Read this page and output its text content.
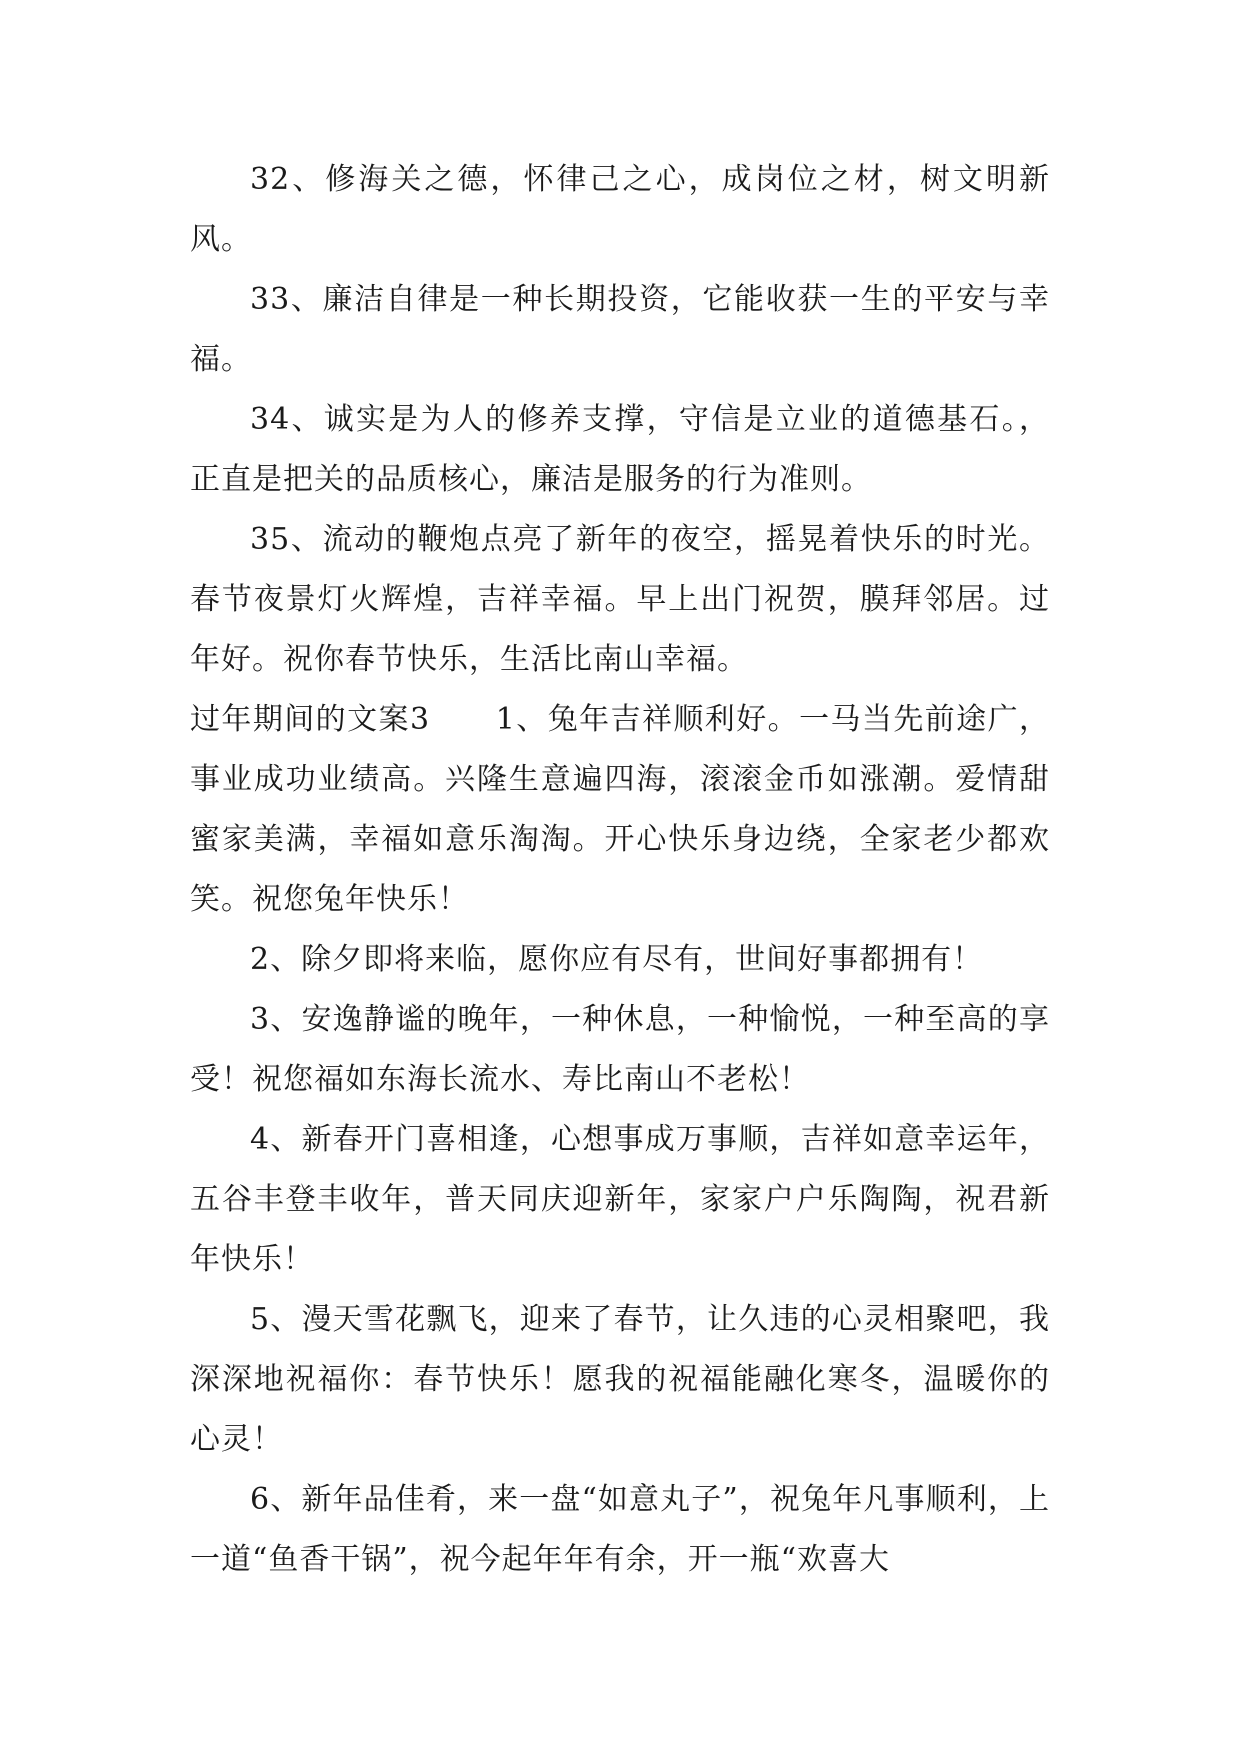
32、修海关之德，怀律己之心，成岗位之材，树文明新风。

33、廉洁自律是一种长期投资，它能收获一生的平安与幸福。

34、诚实是为人的修养支撑，守信是立业的道德基石。，正直是把关的品质核心，廉洁是服务的行为准则。

35、流动的鞭炮点亮了新年的夜空，摇晃着快乐的时光。春节夜景灯火辉煌，吉祥幸福。早上出门祝贺，膜拜邻居。过年好。祝你春节快乐，生活比南山幸福。

过年期间的文案3 1、兔年吉祥顺利好。一马当先前途广，事业成功业绩高。兴隆生意遍四海，滚滚金币如涨潮。爱情甜蜜家美满，幸福如意乐淘淘。开心快乐身边绕，全家老少都欢笑。祝您兔年快乐！

2、除夕即将来临，愿你应有尽有，世间好事都拥有！

3、安逸静谧的晚年，一种休息，一种愉悦，一种至高的享受！祝您福如东海长流水、寿比南山不老松！

4、新春开门喜相逢，心想事成万事顺，吉祥如意幸运年，五谷丰登丰收年，普天同庆迎新年，家家户户乐陶陶，祝君新年快乐！

5、漫天雪花飘飞，迎来了春节，让久违的心灵相聚吧，我深深地祝福你：春节快乐！愿我的祝福能融化寒冬，温暖你的心灵！

6、新年品佳肴，来一盘“如意丸子”，祝兔年凡事顺利，上一道“鱼香干锅”，祝今起年年有余，开一瓶“欢喜大
